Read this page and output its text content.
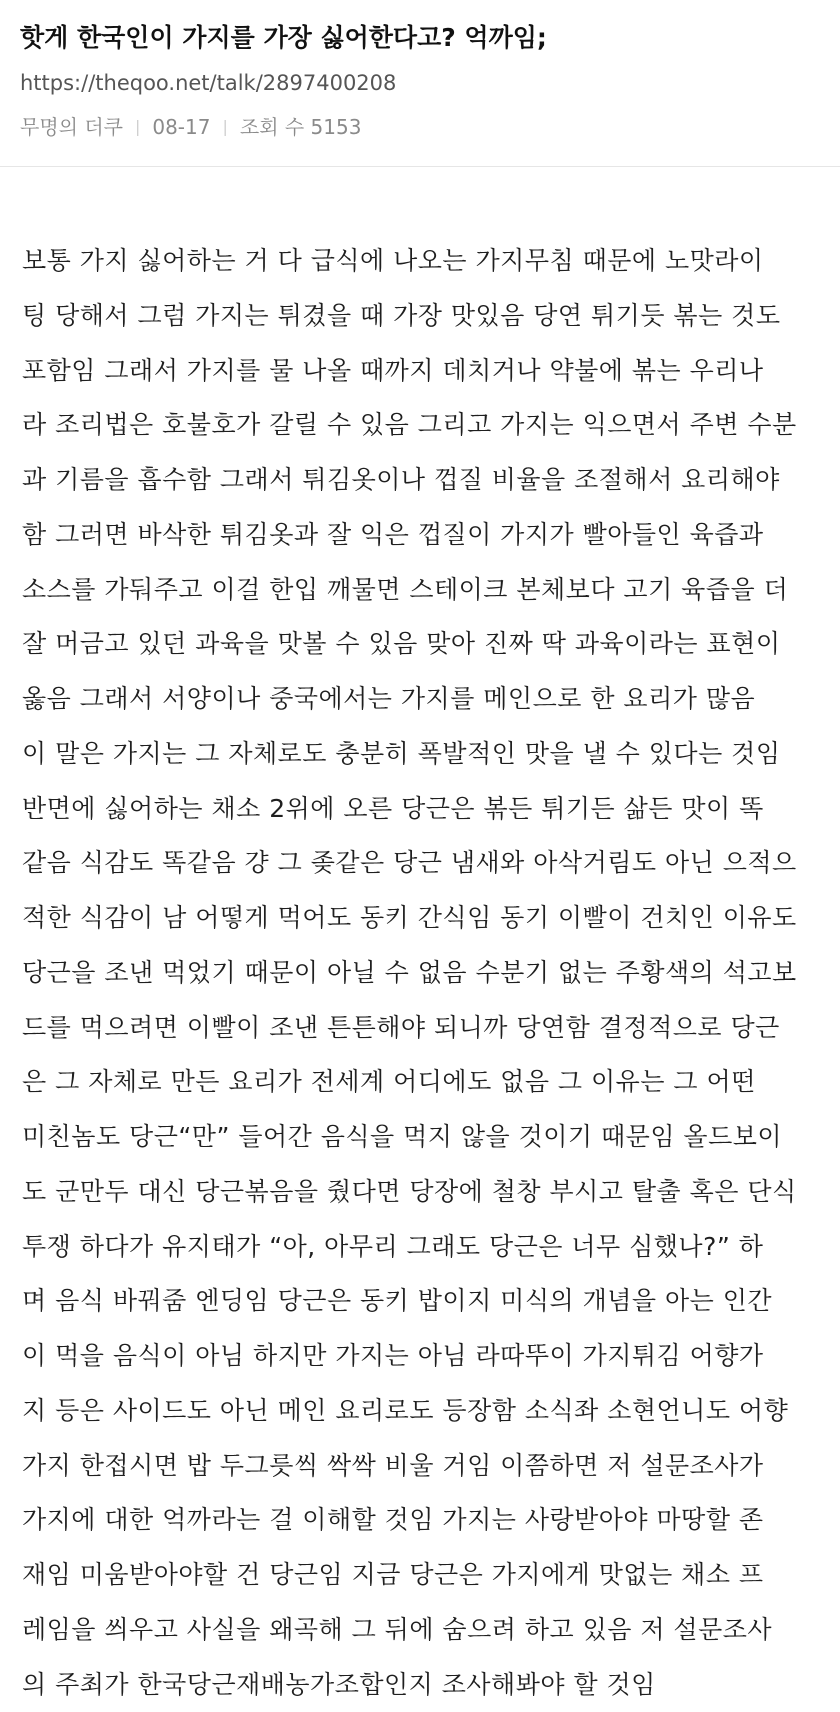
핫게 한국인이 가지를 가장 싫어한다고? 억까임;
https://theqoo.net/talk/2897400208
무명의 더쿠 | 08-17 | 조회 수 5153
보통 가지 싫어하는 거 다 급식에 나오는 가지무침 때문에 노맛라이
팅 당해서 그럼 가지는 튀겼을 때 가장 맛있음 당연 튀기듯 볶는 것도
포함임 그래서 가지를 물 나올 때까지 데치거나 약불에 볶는 우리나
라 조리법은 호불호가 갈릴 수 있음 그리고 가지는 익으면서 주변 수분
과 기름을 흡수함 그래서 튀김옷이나 껍질 비율을 조절해서 요리해야
함 그러면 바삭한 튀김옷과 잘 익은 껍질이 가지가 빨아들인 육즙과
소스를 가둬주고 이걸 한입 깨물면 스테이크 본체보다 고기 육즙을 더
잘 머금고 있던 과육을 맛볼 수 있음 맞아 진짜 딱 과육이라는 표현이
옳음 그래서 서양이나 중국에서는 가지를 메인으로 한 요리가 많음
이 말은 가지는 그 자체로도 충분히 폭발적인 맛을 낼 수 있다는 것임
반면에 싫어하는 채소 2위에 오른 당근은 볶든 튀기든 삶든 맛이 똑
같음 식감도 똑같음 걍 그 좆같은 당근 냄새와 아삭거림도 아닌 으적으
적한 식감이 남 어떻게 먹어도 동키 간식임 동기 이빨이 건치인 이유도
당근을 조낸 먹었기 때문이 아닐 수 없음 수분기 없는 주황색의 석고보
드를 먹으려면 이빨이 조낸 튼튼해야 되니까 당연함 결정적으로 당근
은 그 자체로 만든 요리가 전세계 어디에도 없음 그 이유는 그 어떤
미친놈도 당근“만” 들어간 음식을 먹지 않을 것이기 때문임 올드보이
도 군만두 대신 당근볶음을 줬다면 당장에 철창 부시고 탈출 혹은 단식
투쟁 하다가 유지태가 “아, 아무리 그래도 당근은 너무 심했나?” 하
며 음식 바꿔줌 엔딩임 당근은 동키 밥이지 미식의 개념을 아는 인간
이 먹을 음식이 아님 하지만 가지는 아님 라따뚜이 가지튀김 어향가
지 등은 사이드도 아닌 메인 요리로도 등장함 소식좌 소현언니도 어향
가지 한접시면 밥 두그릇씩 싹싹 비울 거임 이쯤하면 저 설문조사가
가지에 대한 억까라는 걸 이해할 것임 가지는 사랑받아야 마땅할 존
재임 미움받아야할 건 당근임 지금 당근은 가지에게 맛없는 채소 프
레임을 씌우고 사실을 왜곡해 그 뒤에 숨으려 하고 있음 저 설문조사
의 주최가 한국당근재배농가조합인지 조사해봐야 할 것임
